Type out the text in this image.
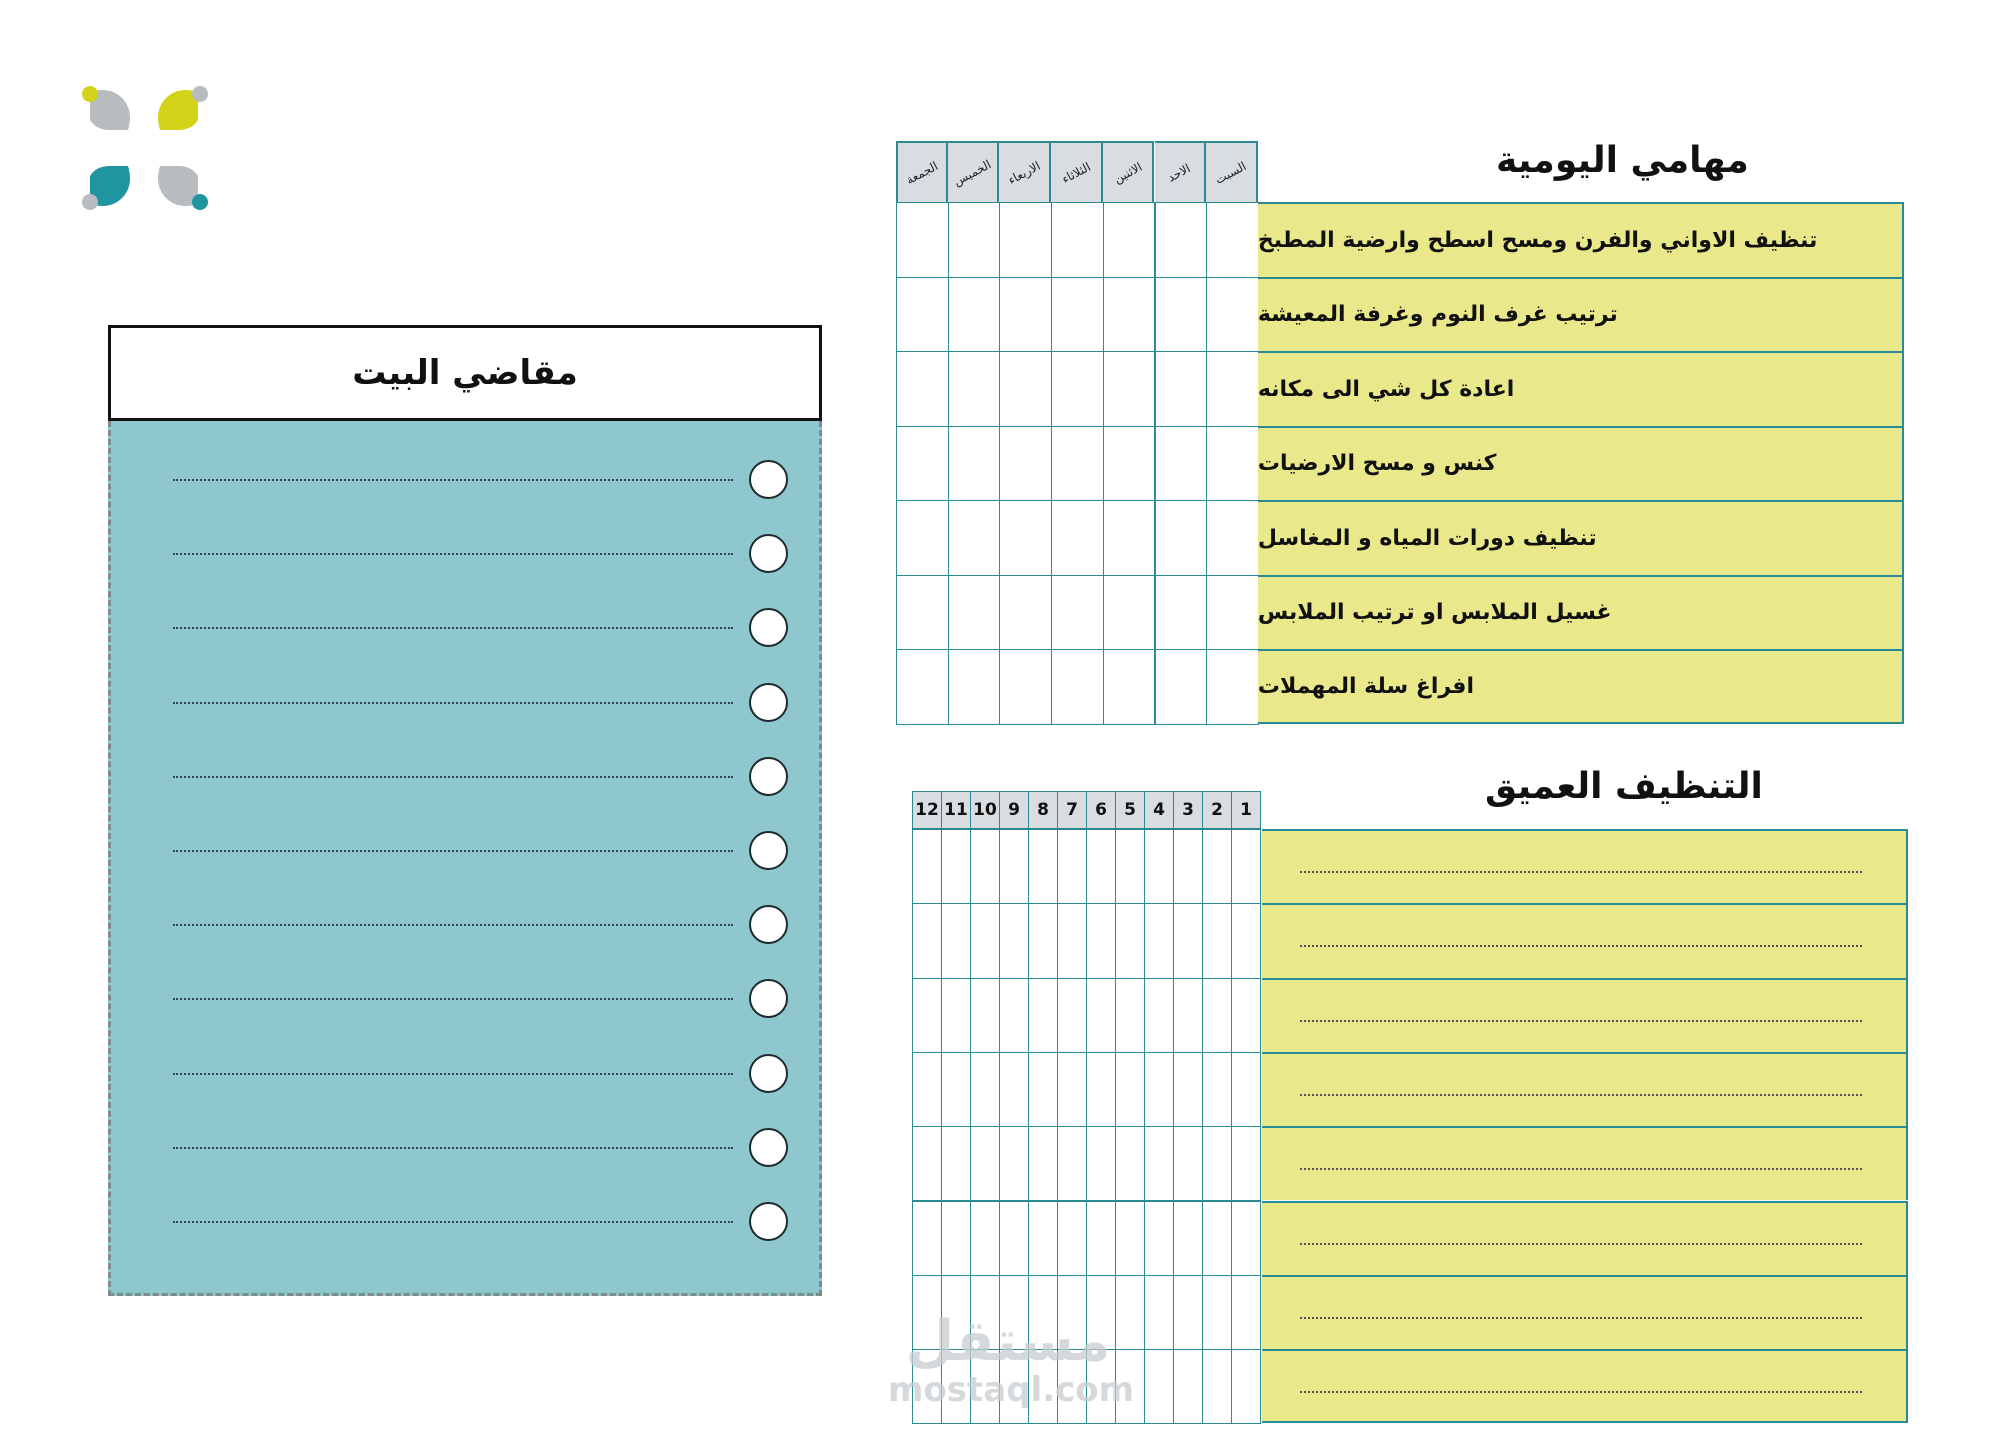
مقاضي البيت
مهامي اليومية
السبت
الاحد
الاثنين
الثلاثاء
الاربعاء
الخميس
الجمعة
تنظيف الاواني والفرن ومسح اسطح وارضية المطبخ
ترتيب غرف النوم وغرفة المعيشة
اعادة كل شي الى مكانه
كنس و مسح الارضيات
تنظيف دورات المياه و المغاسل
غسيل الملابس او ترتيب الملابس
افراغ سلة المهملات
التنظيف العميق
1
2
3
4
5
6
7
8
9
10
11
12
مستقل
mostaql.com
